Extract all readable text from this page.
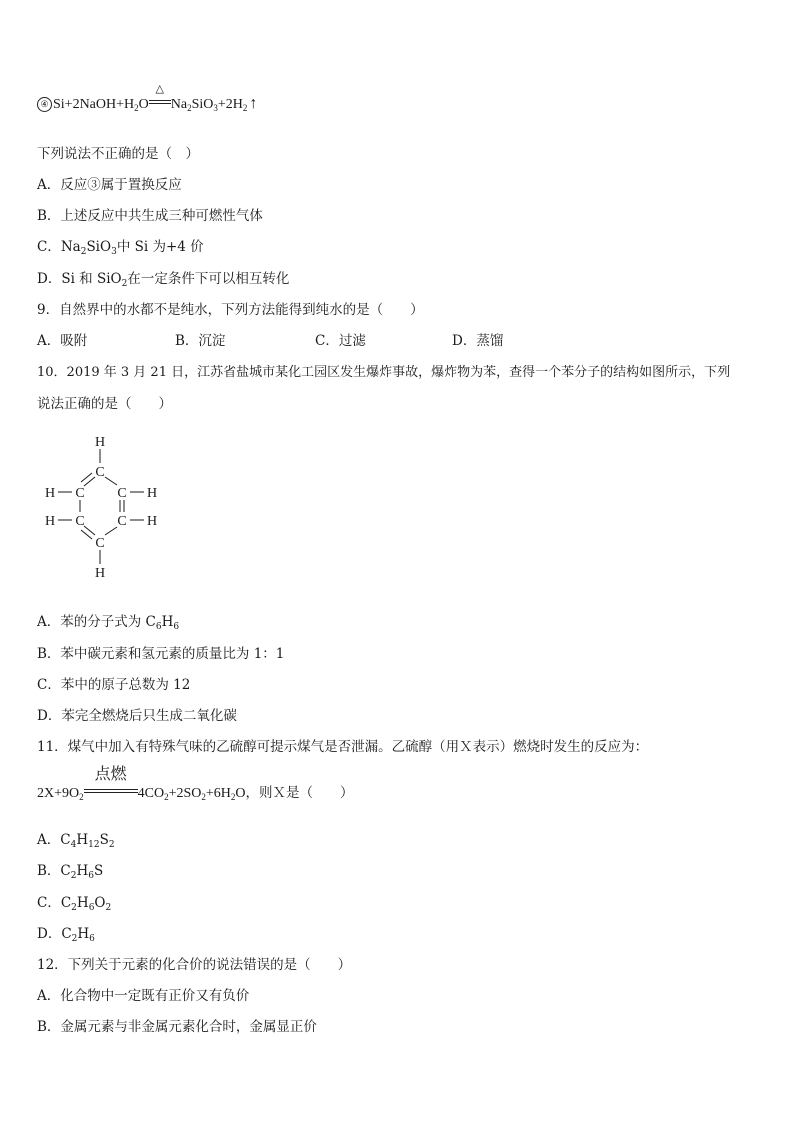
④ $Si+2NaOH+H_2O$
△
$Na_2SiO_3+2H_2$ ↑
下列说法不正确的是（　）
A．反应③属于置换反应
B．上述反应中共生成三种可燃性气体
C．$Na_2SiO_3$中 Si 为+4 价
D．Si 和 SiO$_2$在一定条件下可以相互转化
9．自然界中的水都不是纯水，下列方法能得到纯水的是（　　）
A．吸附	B．沉淀	C．过滤	D．蒸馏
10．2019 年 3 月 21 日，江苏省盐城市某化工园区发生爆炸事故，爆炸物为苯，查得一个苯分子的结构如图所示，下列
说法正确的是（　　）
H
C
H C C H
H C C H
C
H
A．苯的分子式为 $C_6H_6$
B．苯中碳元素和氢元素的质量比为 1：1
C．苯中的原子总数为 12
D．苯完全燃烧后只生成二氧化碳
11．煤气中加入有特殊气味的乙硫醇可提示煤气是否泄漏。乙硫醇（用Ｘ表示）燃烧时发生的反应为：
$2X+9O_2$
点燃
$4CO_2+2SO_2+6H_2O$，则Ｘ是（　　）
A．$C_4H_{12}S_2$
B．$C_2H_6S$
C．$C_2H_6O_2$
D．$C_2H_6$
12．下列关于元素的化合价的说法错误的是（　　）
A．化合物中一定既有正价又有负价
B．金属元素与非金属元素化合时，金属显正价
